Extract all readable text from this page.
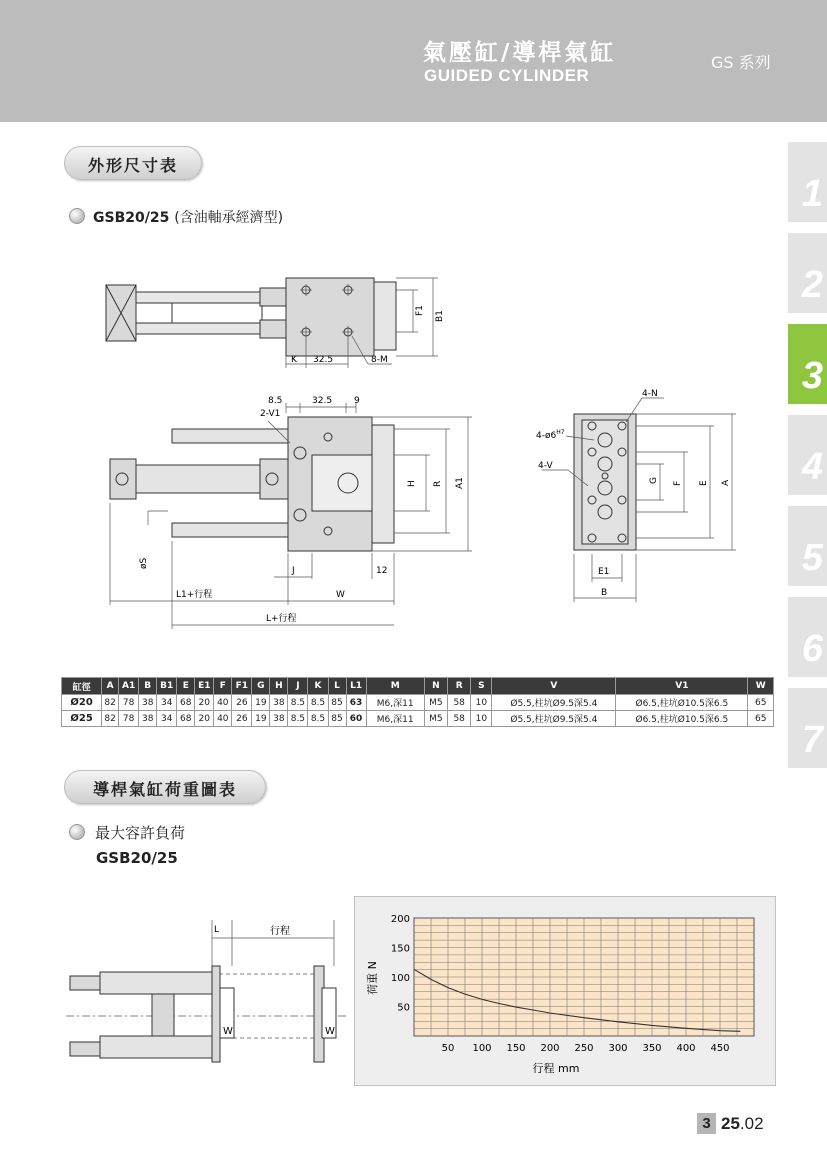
氣壓缸/導桿氣缸
GUIDED CYLINDER
GS 系列
1
2
3
4
5
6
7
外形尺寸表
GSB20/25 (含油軸承經濟型)
K 32.5	8-M
F1 B1
8.5	32.5 9
2-V1
H R A1
øS
J	12
L1+行程	W
L+行程
4-N
$4-ø6^{H7}$
4-V
G F E A
E1
B
缸徑	A	A1	B	B1	E	E1	F	F1	G	H	J	K	L	L1	M	N	R	S	V	V1	W
Ø20	82	78	38	34	68	20	40	26	19	38	8.5	8.5	85	63	M6,深11	M5	58	10	Ø5.5,柱坑Ø9.5深5.4	Ø6.5,柱坑Ø10.5深6.5	65
Ø25	82	78	38	34	68	20	40	26	19	38	8.5	8.5	85	60	M6,深11	M5	58	10	Ø5.5,柱坑Ø9.5深5.4	Ø6.5,柱坑Ø10.5深6.5	65
導桿氣缸荷重圖表
最大容許負荷
GSB20/25
L	行程
W	W
50 100 150 200 250 300 350 400 450
50
100
150
200
行程 mm
荷重 N
3 25.02
